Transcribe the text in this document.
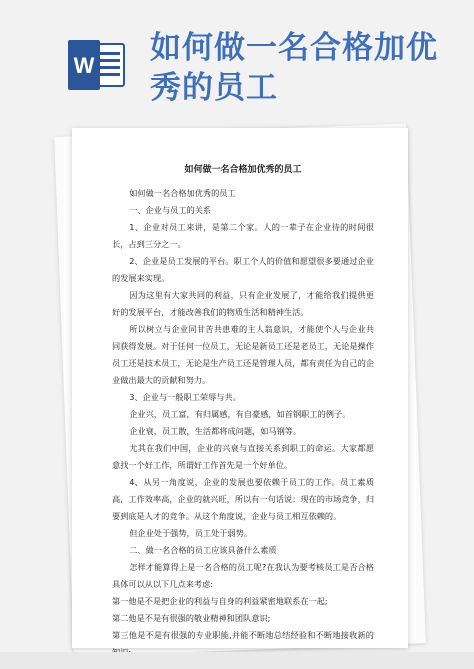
W 如何做一名合格加优秀的员工
如何做一名合格加优秀的员工

如何做一名合格加优秀的员工

一、企业与员工的关系

1、企业对员工来讲，是第二个家。人的一辈子在企业待的时间很长，占到三分之一。

2、企业是员工发展的平台。职工个人的价值和愿望很多要通过企业的发展来实现。

因为这里有大家共同的利益，只有企业发展了，才能给我们提供更好的发展平台，才能改善我们的物质生活和精神生活。

所以树立与企业同甘苦共患难的主人翁意识，才能使个人与企业共同获得发展。对于任何一位员工，无论是新员工还是老员工，无论是操作员工还是技术员工，无论是生产员工还是管理人员，都有责任为自己的企业做出最大的贡献和努力。

3、企业与一般职工荣辱与共。

企业兴，员工富，有归属感，有自豪感，如首钢职工的例子。

企业衰，员工散，生活都将成问题，如马钢等。

尤其在我们中国，企业的兴衰与直接关系到职工的命运。大家都愿意找一个好工作，所谓好工作首先是一个好单位。

4、从另一角度说，企业的发展也要依赖于员工的工作。员工素质高，工作效率高，企业的就兴旺，所以有一句话说：现在的市场竞争，归要到底是人才的竞争。从这个角度说，企业与员工相互依赖的。

但企业处于强势，员工处于弱势。

二、做一名合格的员工应该具备什么素质

怎样才能算得上是一名合格的员工呢?在我认为要考核员工是否合格具体可以从以下几点来考虑:

第一他是不是把企业的利益与自身的利益紧密地联系在一起;

第二他是不是有很强的敬业精神和团队意识;

第三他是不是有很强的专业职能,并能不断地总结经验和不断地接收新的
